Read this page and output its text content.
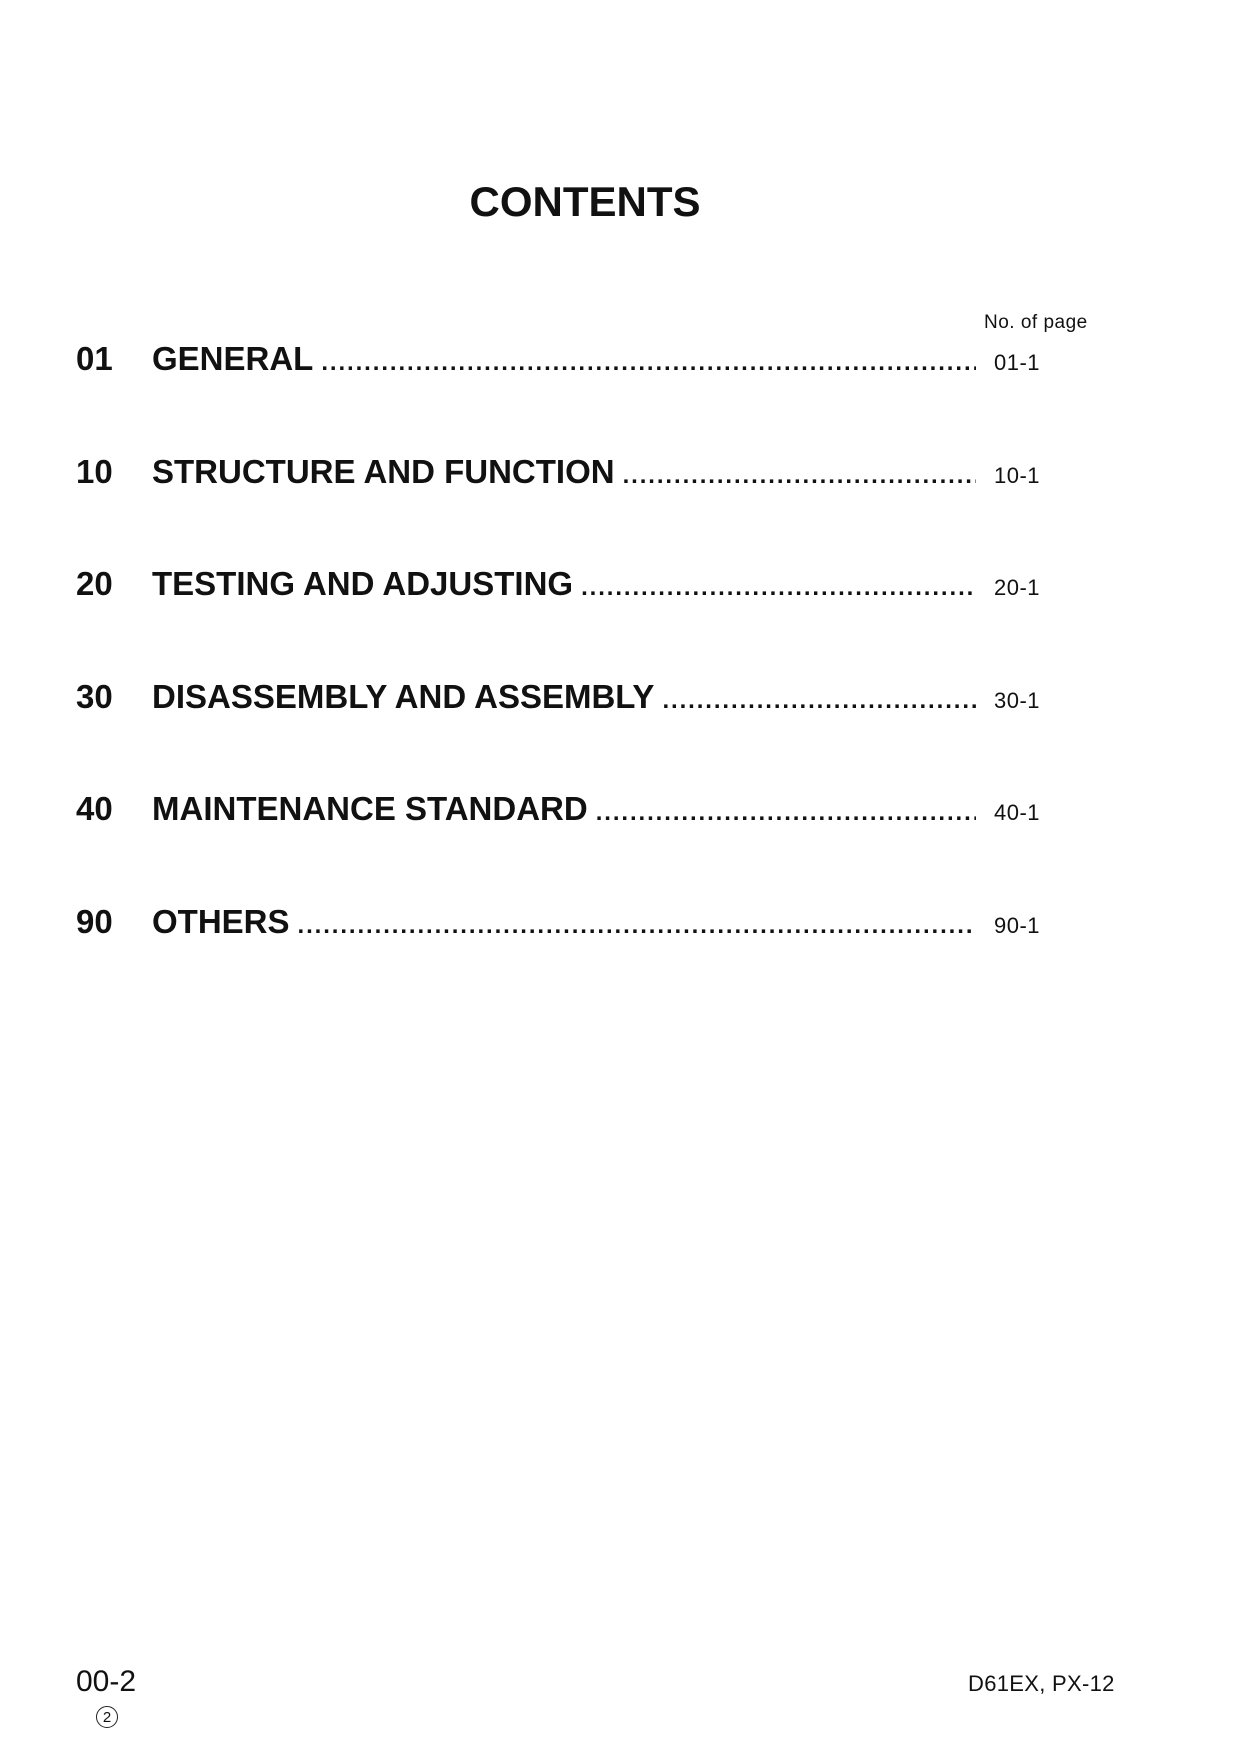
CONTENTS
No. of page
01	GENERAL .....	01-1
10	STRUCTURE AND FUNCTION .....	10-1
20	TESTING AND ADJUSTING .....	20-1
30	DISASSEMBLY AND ASSEMBLY .....	30-1
40	MAINTENANCE STANDARD .....	40-1
90	OTHERS .....	90-1
00-2
2
D61EX, PX-12
